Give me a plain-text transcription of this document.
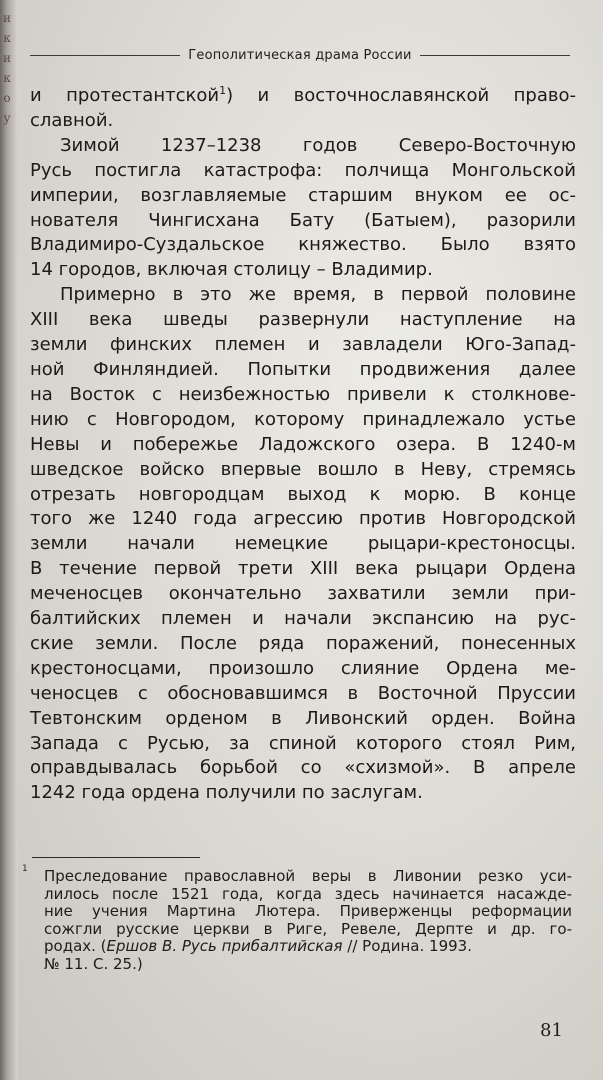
и
к
и
к
о
у
Геополитическая драма России
и протестантской$^1$) и восточнославянской право-
славной.
Зимой 1237–1238 годов Северо-Восточную
Русь постигла катастрофа: полчища Монгольской
империи, возглавляемые старшим внуком ее ос-
нователя Чингисхана Бату (Батыем), разорили
Владимиро-Суздальское княжество. Было взято
14 городов, включая столицу – Владимир.
Примерно в это же время, в первой половине
XIII века шведы развернули наступление на
земли финских племен и завладели Юго-Запад-
ной Финляндией. Попытки продвижения далее
на Восток с неизбежностью привели к столкнове-
нию с Новгородом, которому принадлежало устье
Невы и побережье Ладожского озера. В 1240-м
шведское войско впервые вошло в Неву, стремясь
отрезать новгородцам выход к морю. В конце
того же 1240 года агрессию против Новгородской
земли начали немецкие рыцари-крестоносцы.
В течение первой трети XIII века рыцари Ордена
меченосцев окончательно захватили земли при-
балтийских племен и начали экспансию на рус-
ские земли. После ряда поражений, понесенных
крестоносцами, произошло слияние Ордена ме-
ченосцев с обосновавшимся в Восточной Пруссии
Тевтонским орденом в Ливонский орден. Война
Запада с Русью, за спиной которого стоял Рим,
оправдывалась борьбой со «схизмой». В апреле
1242 года ордена получили по заслугам.
1 Преследование православной веры в Ливонии резко уси-
лилось после 1521 года, когда здесь начинается насажде-
ние учения Мартина Лютера. Приверженцы реформации
сожгли русские церкви в Риге, Ревеле, Дерпте и др. го-
родах. (Ершов В. Русь прибалтийская // Родина. 1993.
№ 11. С. 25.)
81
